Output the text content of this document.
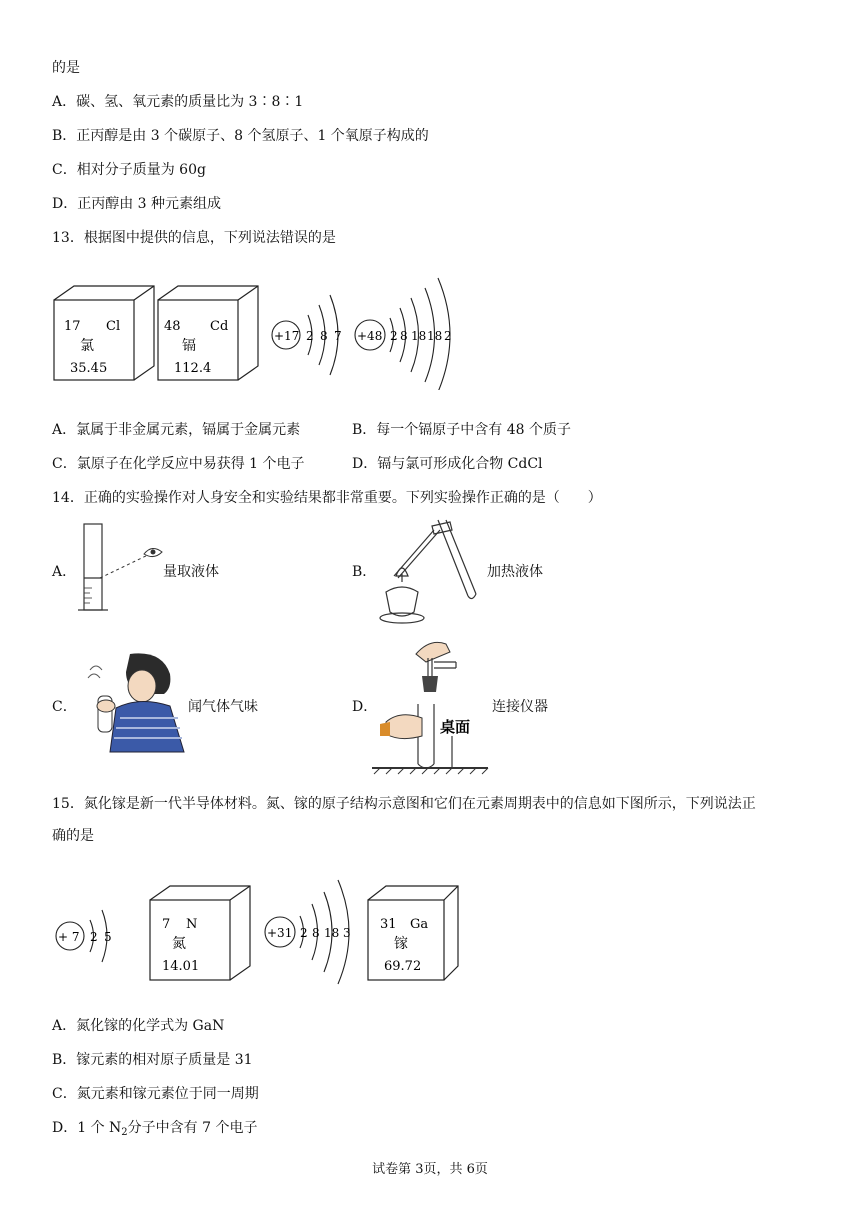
的是
A．碳、氢、氧元素的质量比为 3∶8∶1
B．正丙醇是由 3 个碳原子、8 个氢原子、1 个氧原子构成的
C．相对分子质量为 60g
D．正丙醇由 3 种元素组成
13．根据图中提供的信息，下列说法错误的是
17 Cl
氯
35.45
48 Cd
镉
112.4
+17 2 8 7 +48 2 8 18 18 2
A．氯属于非金属元素，镉属于金属元素	B．每一个镉原子中含有 48 个质子
C．氯原子在化学反应中易获得 1 个电子	D．镉与氯可形成化合物 CdCl
14．正确的实验操作对人身安全和实验结果都非常重要。下列实验操作正确的是（　　）
A．	量取液体	B．	加热液体
C．	闻气体气味	D．
桌面
连接仪器
15．氮化镓是新一代半导体材料。氮、镓的原子结构示意图和它们在元素周期表中的信息如下图所示，下列说法正
确的是
+ 7 2 5
7 N
氮
14.01
+31 2 8 18 3
31 Ga
镓
69.72
A．氮化镓的化学式为 GaN
B．镓元素的相对原子质量是 31
C．氮元素和镓元素位于同一周期
D．1 个 $N_2$分子中含有 7 个电子
试卷第 3页，共 6页
